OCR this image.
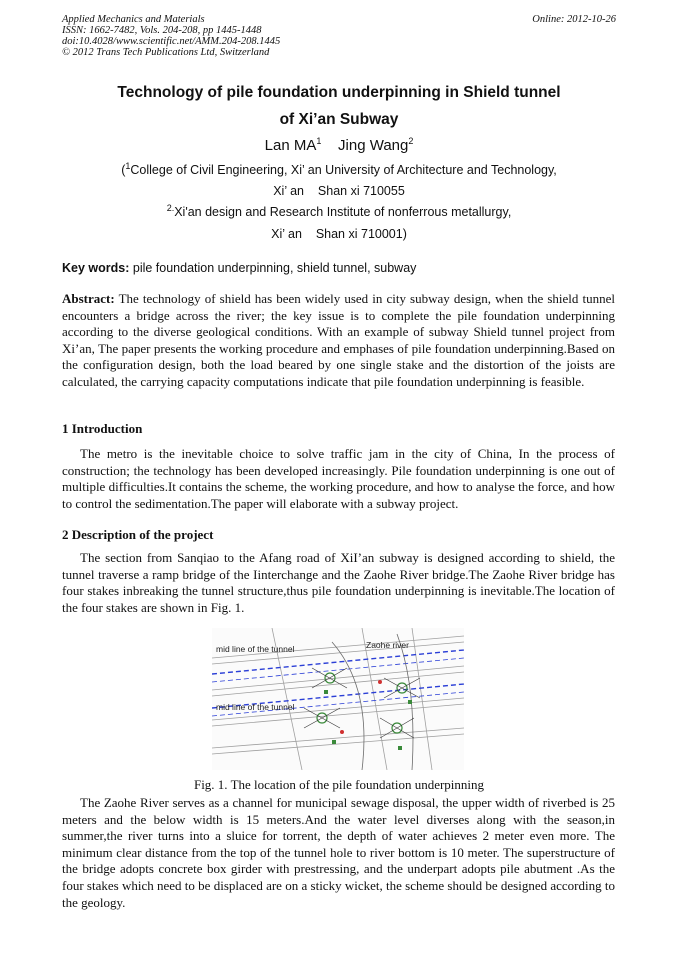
Applied Mechanics and Materials
ISSN: 1662-7482, Vols. 204-208, pp 1445-1448
doi:10.4028/www.scientific.net/AMM.204-208.1445
© 2012 Trans Tech Publications Ltd, Switzerland
Online: 2012-10-26
Technology of pile foundation underpinning in Shield tunnel
of Xi’an Subway
Lan $MA^1$ Jing Wang$^2$
($^1$College of Civil Engineering, Xi’ an University of Architecture and Technology,
Xi’ an    Shan xi 710055
$^{2.}$Xi'an design and Research Institute of nonferrous metallurgy,
Xi’ an    Shan xi 710001)
Key words: pile foundation underpinning, shield tunnel, subway
Abstract: The technology of shield has been widely used in city subway design, when the shield tunnel encounters a bridge across the river; the key issue is to complete the pile foundation underpinning according to the diverse geological conditions. With an example of subway Shield tunnel project from Xi’an, The paper presents the working procedure and emphases of pile foundation underpinning.Based on the configuration design, both the load beared by one single stake and the distortion of the joists are calculated, the carrying capacity computations indicate that pile foundation underpinning is feasible.
1 Introduction
The metro is the inevitable choice to solve traffic jam in the city of China, In the process of construction; the technology has been developed increasingly. Pile foundation underpinning is one out of multiple difficulties.It contains the scheme, the working procedure, and how to analyse the force, and how to control the sedimentation.The paper will elaborate with a subway project.
2 Description of the project
The section from Sanqiao to the Afang road of XiI’an subway is designed according to shield, the tunnel traverse a ramp bridge of the Iinterchange and the Zaohe River bridge.The Zaohe River bridge has four stakes inbreaking the tunnel structure,thus pile foundation underpinning is inevitable.The location of the four stakes are shown in Fig. 1.
mid line of the tunnel
mid line of the tunnel
Zaohe river
Fig. 1. The location of the pile foundation underpinning
The Zaohe River serves as a channel for municipal sewage disposal, the upper width of riverbed is 25 meters and the below width is 15 meters.And the water level diverses along with the season,in summer,the river turns into a sluice for torrent, the depth of water achieves 2 meter even more. The minimum clear distance from the top of the tunnel hole to river bottom is 10 meter. The superstructure of the bridge adopts concrete box girder with prestressing, and the underpart adopts pile abutment .As the four stakes which need to be displaced are on a sticky wicket, the scheme should be designed according to the geology.
